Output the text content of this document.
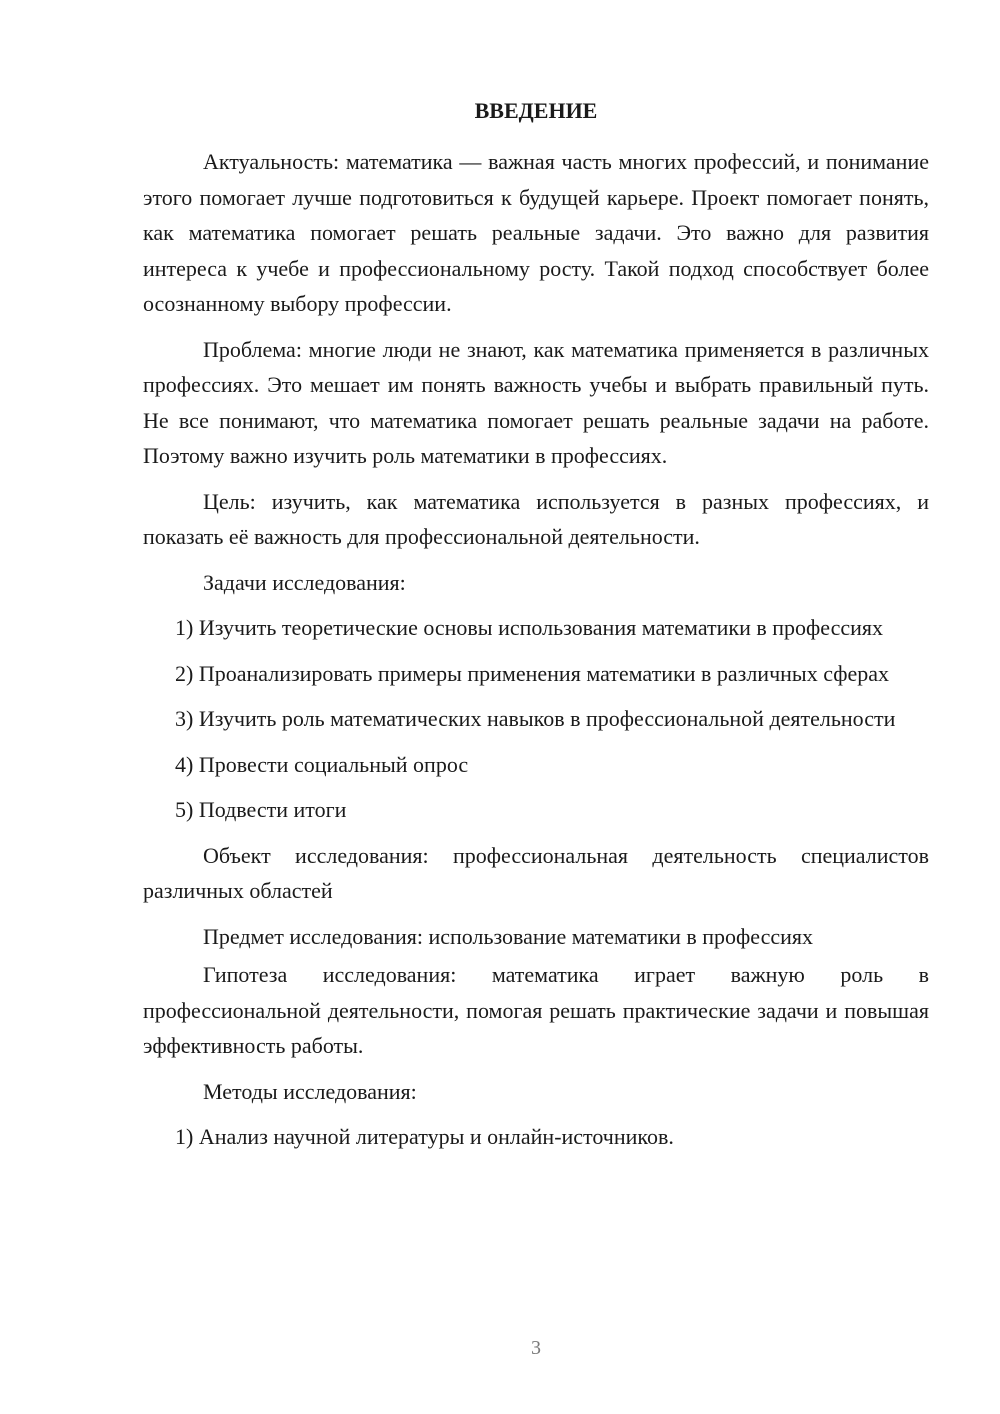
ВВЕДЕНИЕ

Актуальность: математика — важная часть многих профессий, и понимание этого помогает лучше подготовиться к будущей карьере. Проект помогает понять, как математика помогает решать реальные задачи. Это важно для развития интереса к учебе и профессиональному росту. Такой подход способствует более осознанному выбору профессии.

Проблема: многие люди не знают, как математика применяется в различных профессиях. Это мешает им понять важность учебы и выбрать правильный путь. Не все понимают, что математика помогает решать реальные задачи на работе. Поэтому важно изучить роль математики в профессиях.

Цель: изучить, как математика используется в разных профессиях, и показать её важность для профессиональной деятельности.

Задачи исследования:

1) Изучить теоретические основы использования математики в профессиях

2) Проанализировать примеры применения математики в различных сферах

3) Изучить роль математических навыков в профессиональной деятельности

4) Провести социальный опрос

5) Подвести итоги

Объект исследования: профессиональная деятельность специалистов различных областей

Предмет исследования: использование математики в профессиях

Гипотеза исследования: математика играет важную роль в профессиональной деятельности, помогая решать практические задачи и повышая эффективность работы.

Методы исследования:

1) Анализ научной литературы и онлайн-источников.

3
